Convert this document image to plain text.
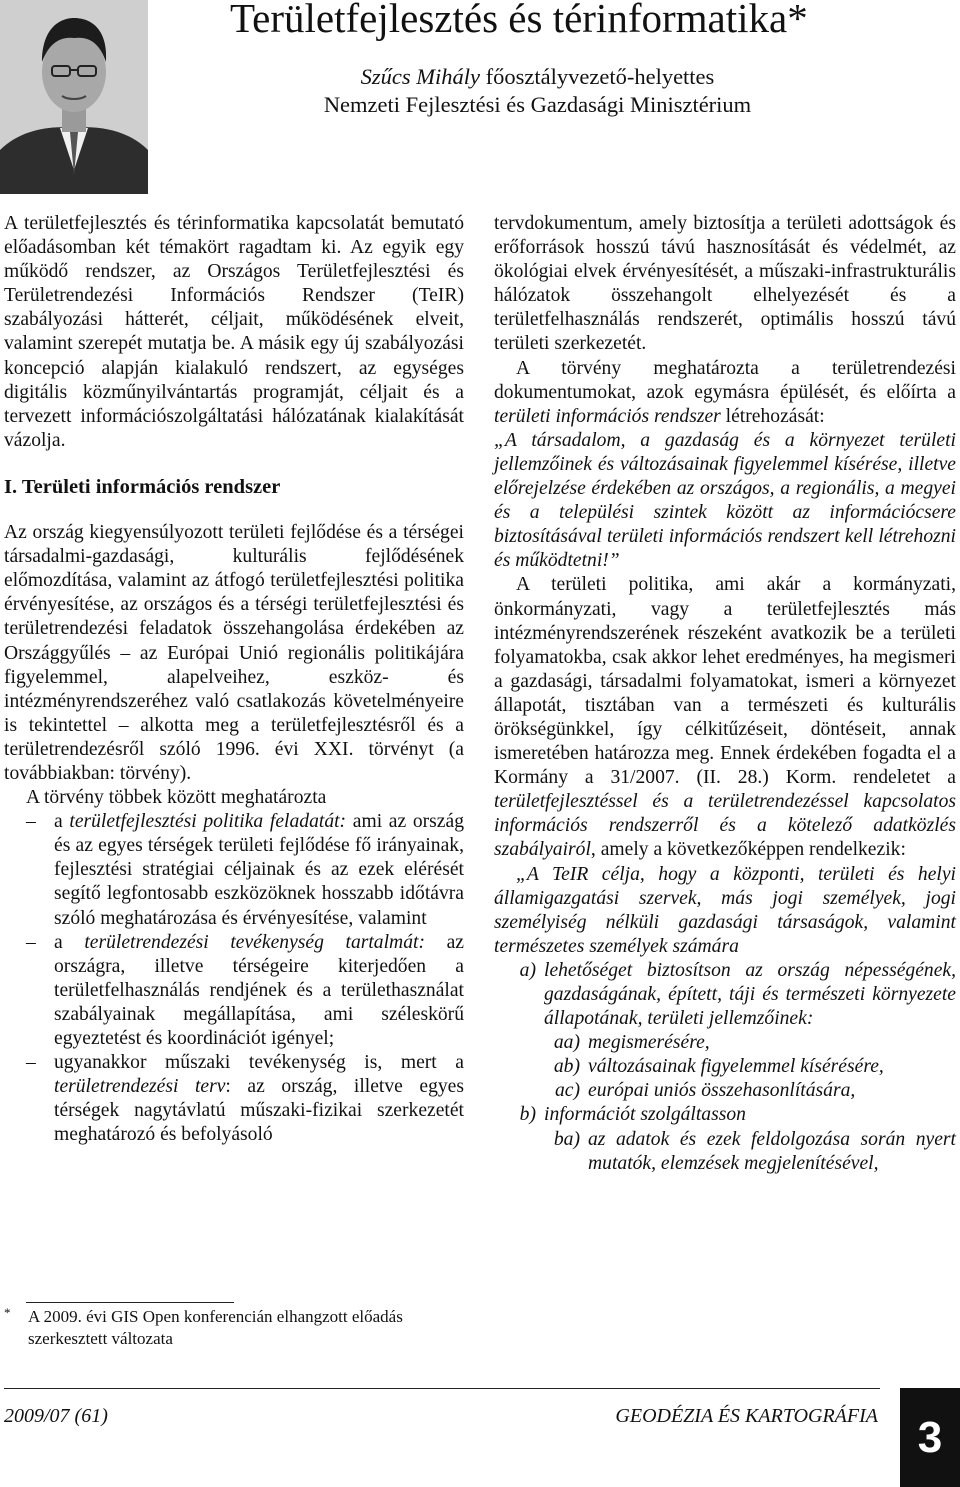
Területfejlesztés és térinformatika*
Szűcs Mihály főosztályvezető-helyettes
Nemzeti Fejlesztési és Gazdasági Minisztérium

A területfejlesztés és térinformatika kapcsolatát bemutató előadásomban két témakört ragadtam ki. Az egyik egy működő rendszer, az Országos Területfejlesztési és Területrendezési Információs Rendszer (TeIR) szabályozási hátterét, céljait, működésének elveit, valamint szerepét mutatja be. A másik egy új szabályozási koncepció alapján kialakuló rendszert, az egységes digitális közműnyilvántartás programját, céljait és a tervezett információszolgáltatási hálózatának kialakítását vázolja.

I. Területi információs rendszer

Az ország kiegyensúlyozott területi fejlődése és a térségei társadalmi-gazdasági, kulturális fejlődésének előmozdítása, valamint az átfogó területfejlesztési politika érvényesítése, az országos és a térségi területfejlesztési és területrendezési feladatok összehangolása érdekében az Országgyűlés – az Európai Unió regionális politikájára figyelemmel, alapelveihez, eszköz- és intézményrendszeréhez való csatlakozás követelményeire is tekintettel – alkotta meg a területfejlesztésről és a területrendezésről szóló 1996. évi XXI. törvényt (a továbbiakban: törvény).

A törvény többek között meghatározta

– a területfejlesztési politika feladatát: ami az ország és az egyes térségek területi fejlődése fő irányainak, fejlesztési stratégiai céljainak és az ezek elérését segítő legfontosabb eszközöknek hosszabb időtávra szóló meghatározása és érvényesítése, valamint
– a területrendezési tevékenység tartalmát: az országra, illetve térségeire kiterjedően a területfelhasználás rendjének és a területhasználat szabályainak megállapítása, ami széleskörű egyeztetést és koordinációt igényel;
– ugyanakkor műszaki tevékenység is, mert a területrendezési terv: az ország, illetve egyes térségek nagytávlatú műszaki-fizikai szerkezetét meghatározó és befolyásoló
*	A 2009. évi GIS Open konferencián elhangzott előadás szerkesztett változata

tervdokumentum, amely biztosítja a területi adottságok és erőforrások hosszú távú hasznosítását és védelmét, az ökológiai elvek érvényesítését, a műszaki-infrastrukturális hálózatok összehangolt elhelyezését és a területfelhasználás rendszerét, optimális hosszú távú területi szerkezetét.

A törvény meghatározta a területrendezési dokumentumokat, azok egymásra épülését, és előírta a területi információs rendszer létrehozását:

„A társadalom, a gazdaság és a környezet területi jellemzőinek és változásainak figyelemmel kísérése, illetve előrejelzése érdekében az országos, a regionális, a megyei és a települési szintek között az információcsere biztosításával területi információs rendszert kell létrehozni és működtetni!”

A területi politika, ami akár a kormányzati, önkormányzati, vagy a területfejlesztés más intézményrendszerének részeként avatkozik be a területi folyamatokba, csak akkor lehet eredményes, ha megismeri a gazdasági, társadalmi folyamatokat, ismeri a környezet állapotát, tisztában van a természeti és kulturális örökségünkkel, így célkitűzéseit, döntéseit, annak ismeretében határozza meg. Ennek érdekében fogadta el a Kormány a 31/2007. (II. 28.) Korm. rendeletet a területfejlesztéssel és a területrendezéssel kapcsolatos információs rendszerről és a kötelező adatközlés szabályairól, amely a következőképpen rendelkezik:

„A TeIR célja, hogy a központi, területi és helyi államigazgatási szervek, más jogi személyek, jogi személyiség nélküli gazdasági társaságok, valamint természetes személyek számára

a) lehetőséget biztosítson az ország népességének, gazdaságának, épített, táji és természeti környezete állapotának, területi jellemzőinek:
aa) megismerésére,
ab) változásainak figyelemmel kísérésére,
ac) európai uniós összehasonlítására,
b) információt szolgáltasson
ba) az adatok és ezek feldolgozása során nyert mutatók, elemzések megjelenítésével,
2009/07 (61)	GEODÉZIA ÉS KARTOGRÁFIA 3
